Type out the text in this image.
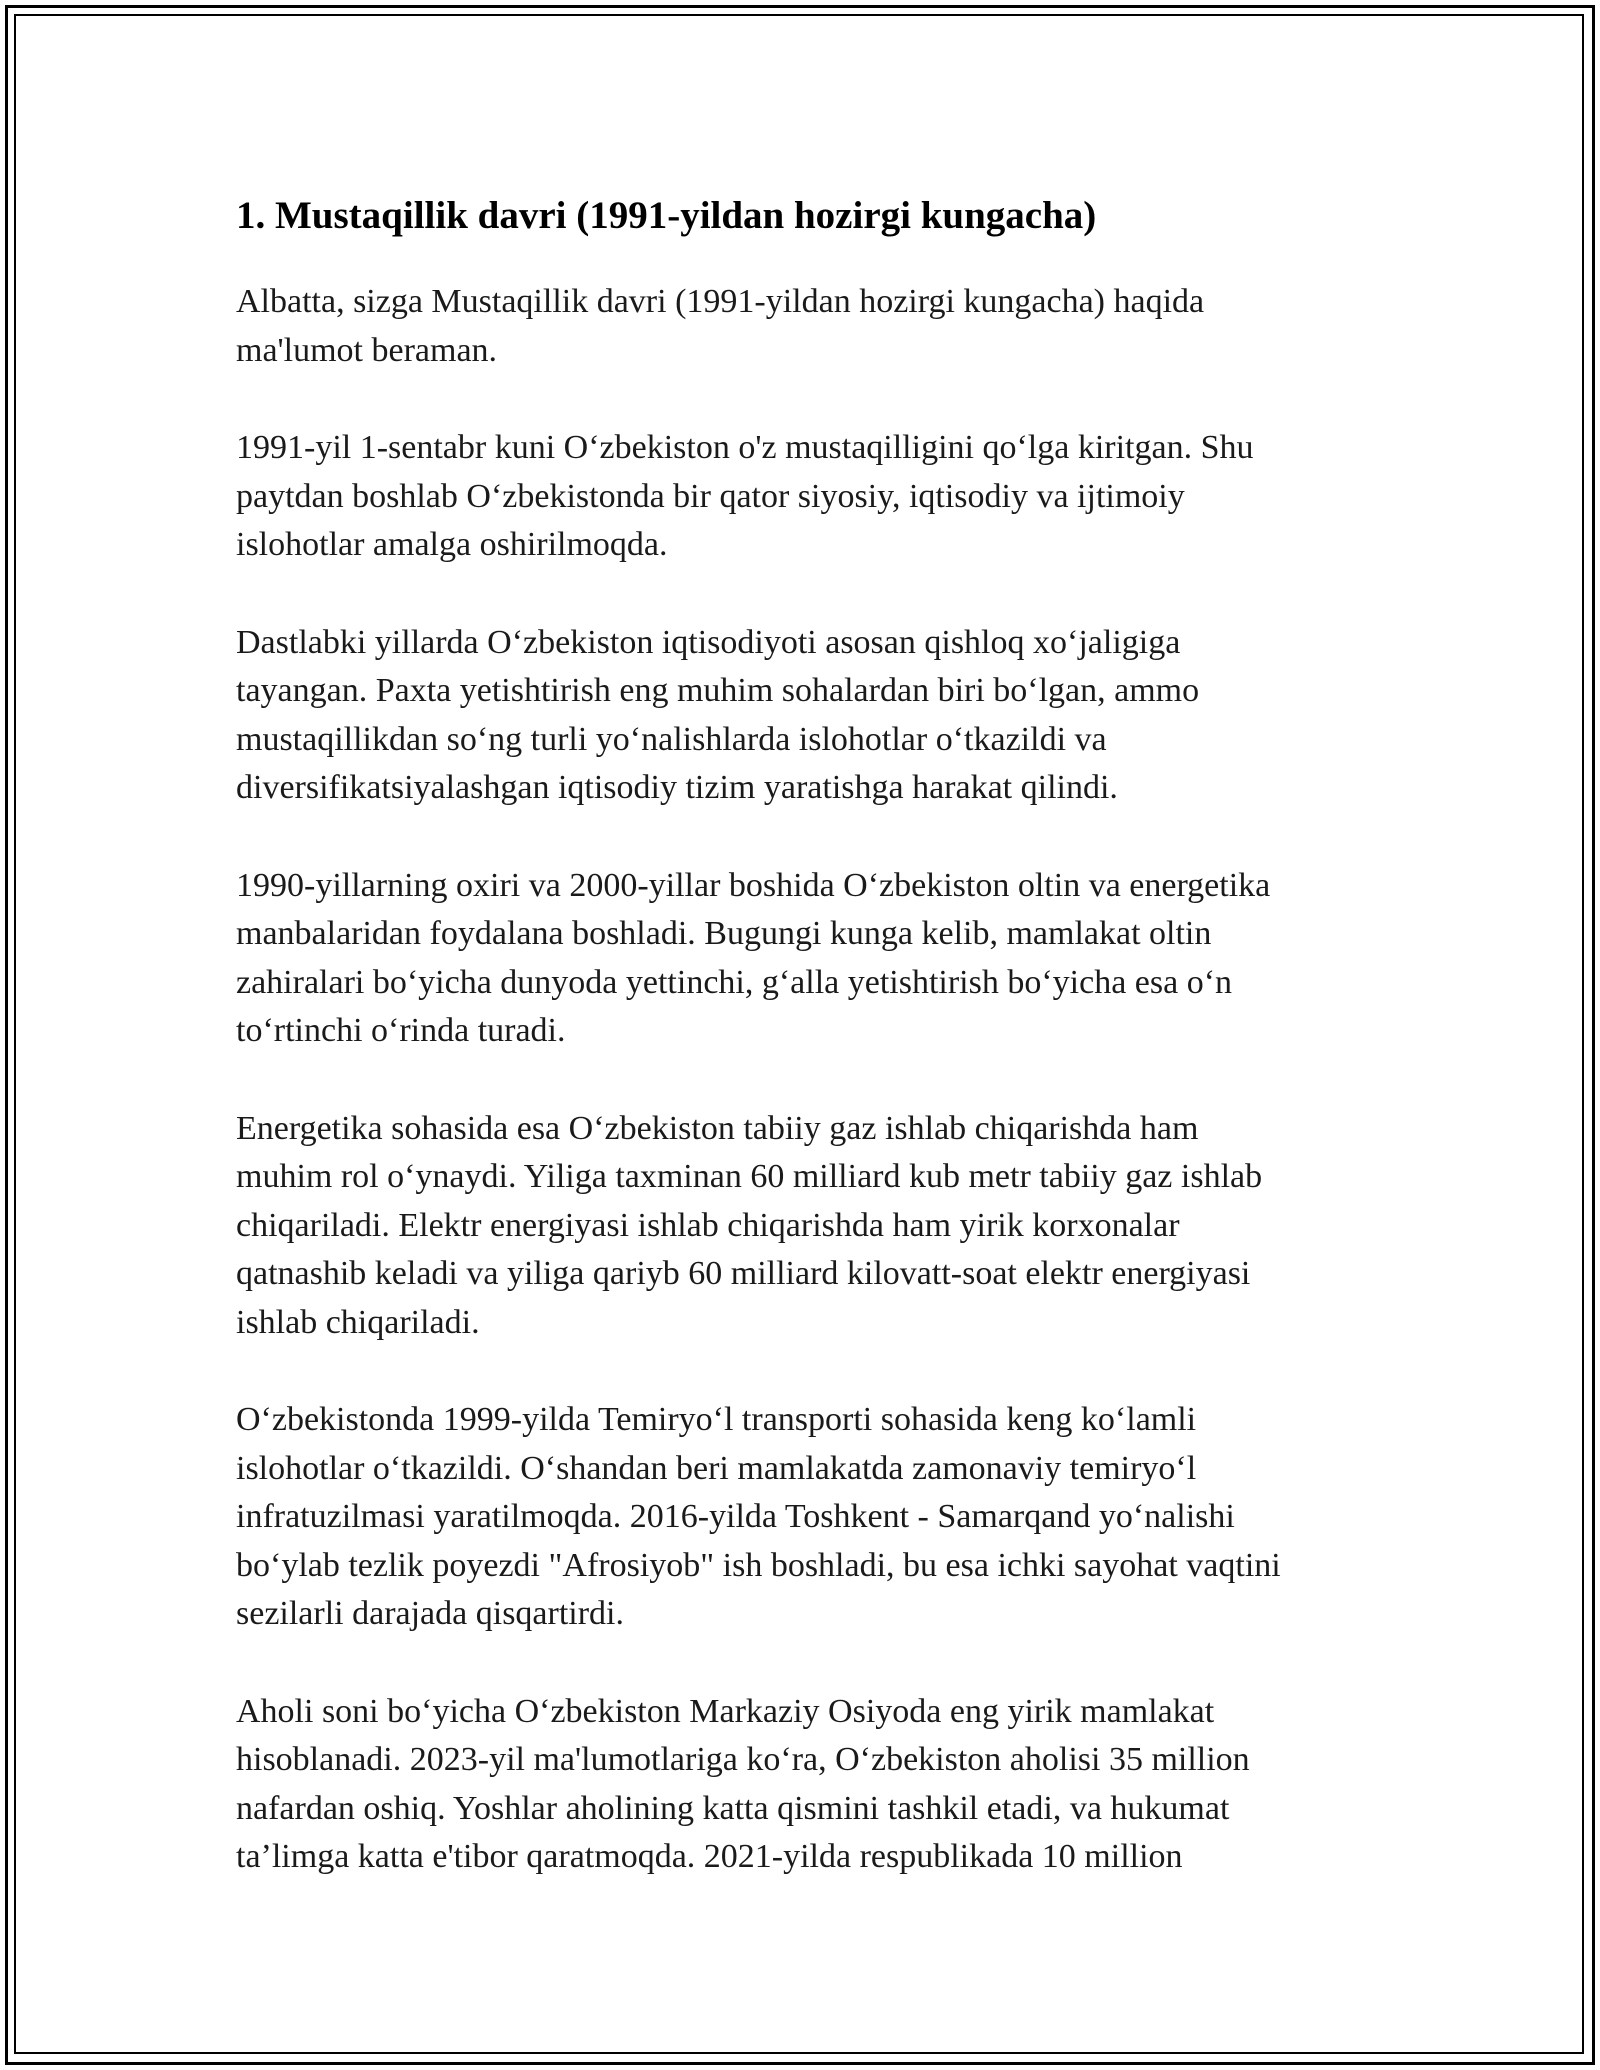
1. Mustaqillik davri (1991-yildan hozirgi kungacha)

Albatta, sizga Mustaqillik davri (1991-yildan hozirgi kungacha) haqida
ma'lumot beraman.

1991-yil 1-sentabr kuni O‘zbekiston o'z mustaqilligini qo‘lga kiritgan. Shu
paytdan boshlab O‘zbekistonda bir qator siyosiy, iqtisodiy va ijtimoiy
islohotlar amalga oshirilmoqda.

Dastlabki yillarda O‘zbekiston iqtisodiyoti asosan qishloq xo‘jaligiga
tayangan. Paxta yetishtirish eng muhim sohalardan biri bo‘lgan, ammo
mustaqillikdan so‘ng turli yo‘nalishlarda islohotlar o‘tkazildi va
diversifikatsiyalashgan iqtisodiy tizim yaratishga harakat qilindi.

1990-yillarning oxiri va 2000-yillar boshida O‘zbekiston oltin va energetika
manbalaridan foydalana boshladi. Bugungi kunga kelib, mamlakat oltin
zahiralari bo‘yicha dunyoda yettinchi, g‘alla yetishtirish bo‘yicha esa o‘n
to‘rtinchi o‘rinda turadi.

Energetika sohasida esa O‘zbekiston tabiiy gaz ishlab chiqarishda ham
muhim rol o‘ynaydi. Yiliga taxminan 60 milliard kub metr tabiiy gaz ishlab
chiqariladi. Elektr energiyasi ishlab chiqarishda ham yirik korxonalar
qatnashib keladi va yiliga qariyb 60 milliard kilovatt-soat elektr energiyasi
ishlab chiqariladi.

O‘zbekistonda 1999-yilda Temiryo‘l transporti sohasida keng ko‘lamli
islohotlar o‘tkazildi. O‘shandan beri mamlakatda zamonaviy temiryo‘l
infratuzilmasi yaratilmoqda. 2016-yilda Toshkent - Samarqand yo‘nalishi
bo‘ylab tezlik poyezdi "Afrosiyob" ish boshladi, bu esa ichki sayohat vaqtini
sezilarli darajada qisqartirdi.

Aholi soni bo‘yicha O‘zbekiston Markaziy Osiyoda eng yirik mamlakat
hisoblanadi. 2023-yil ma'lumotlariga ko‘ra, O‘zbekiston aholisi 35 million
nafardan oshiq. Yoshlar aholining katta qismini tashkil etadi, va hukumat
ta’limga katta e'tibor qaratmoqda. 2021-yilda respublikada 10 million
